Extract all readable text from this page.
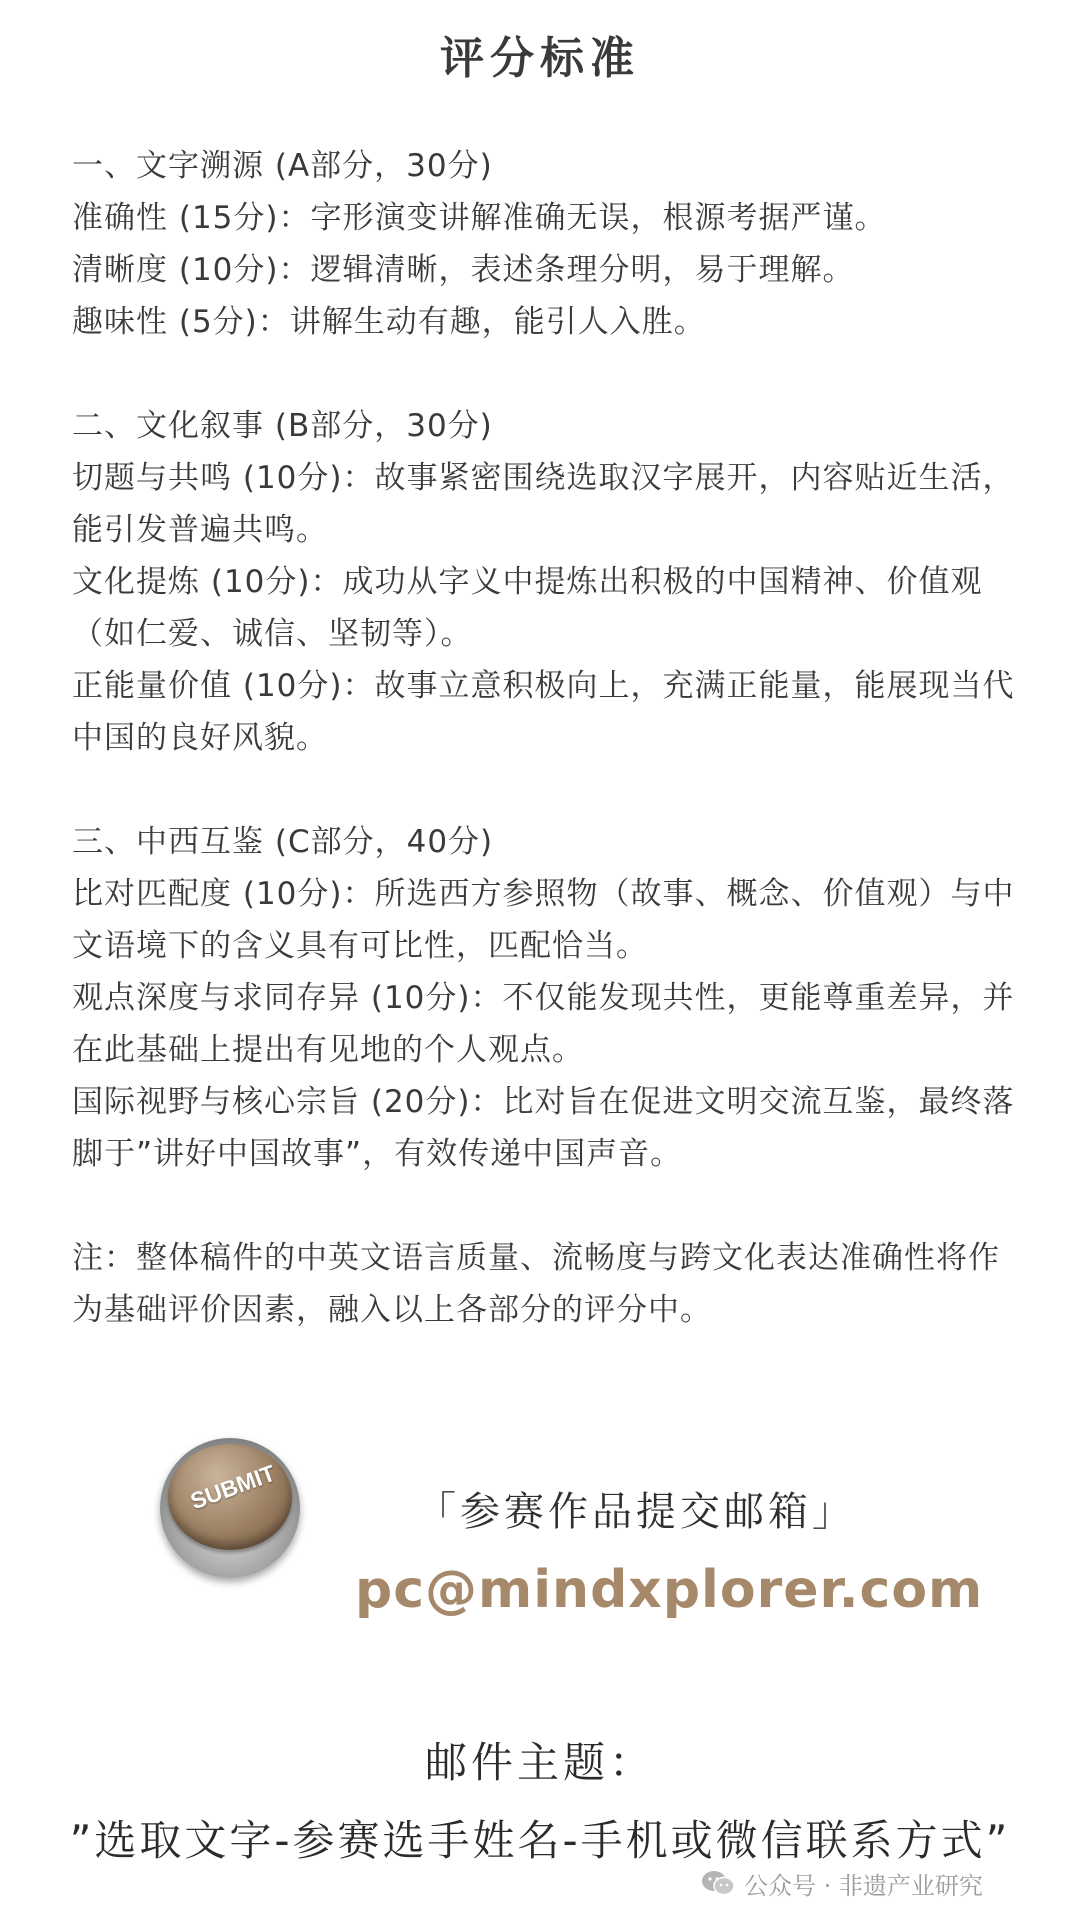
评分标准
一、文字溯源 (A部分，30分)
准确性 (15分)：字形演变讲解准确无误，根源考据严谨。
清晰度 (10分)：逻辑清晰，表述条理分明，易于理解。
趣味性 (5分)：讲解生动有趣，能引人入胜。
二、文化叙事 (B部分，30分)
切题与共鸣 (10分)：故事紧密围绕选取汉字展开，内容贴近生活，能引发普遍共鸣。
文化提炼 (10分)：成功从字义中提炼出积极的中国精神、价值观（如仁爱、诚信、坚韧等）。
正能量价值 (10分)：故事立意积极向上，充满正能量，能展现当代中国的良好风貌。
三、中西互鉴 (C部分，40分)
比对匹配度 (10分)：所选西方参照物（故事、概念、价值观）与中文语境下的含义具有可比性，匹配恰当。
观点深度与求同存异 (10分)：不仅能发现共性，更能尊重差异，并在此基础上提出有见地的个人观点。
国际视野与核心宗旨 (20分)：比对旨在促进文明交流互鉴，最终落脚于”讲好中国故事”，有效传递中国声音。
注：整体稿件的中英文语言质量、流畅度与跨文化表达准确性将作为基础评价因素，融入以上各部分的评分中。
SUBMIT	「参赛作品提交邮箱」
pc@mindxplorer.com
邮件主题：
”选取文字-参赛选手姓名-手机或微信联系方式”
公众号 · 非遗产业研究
